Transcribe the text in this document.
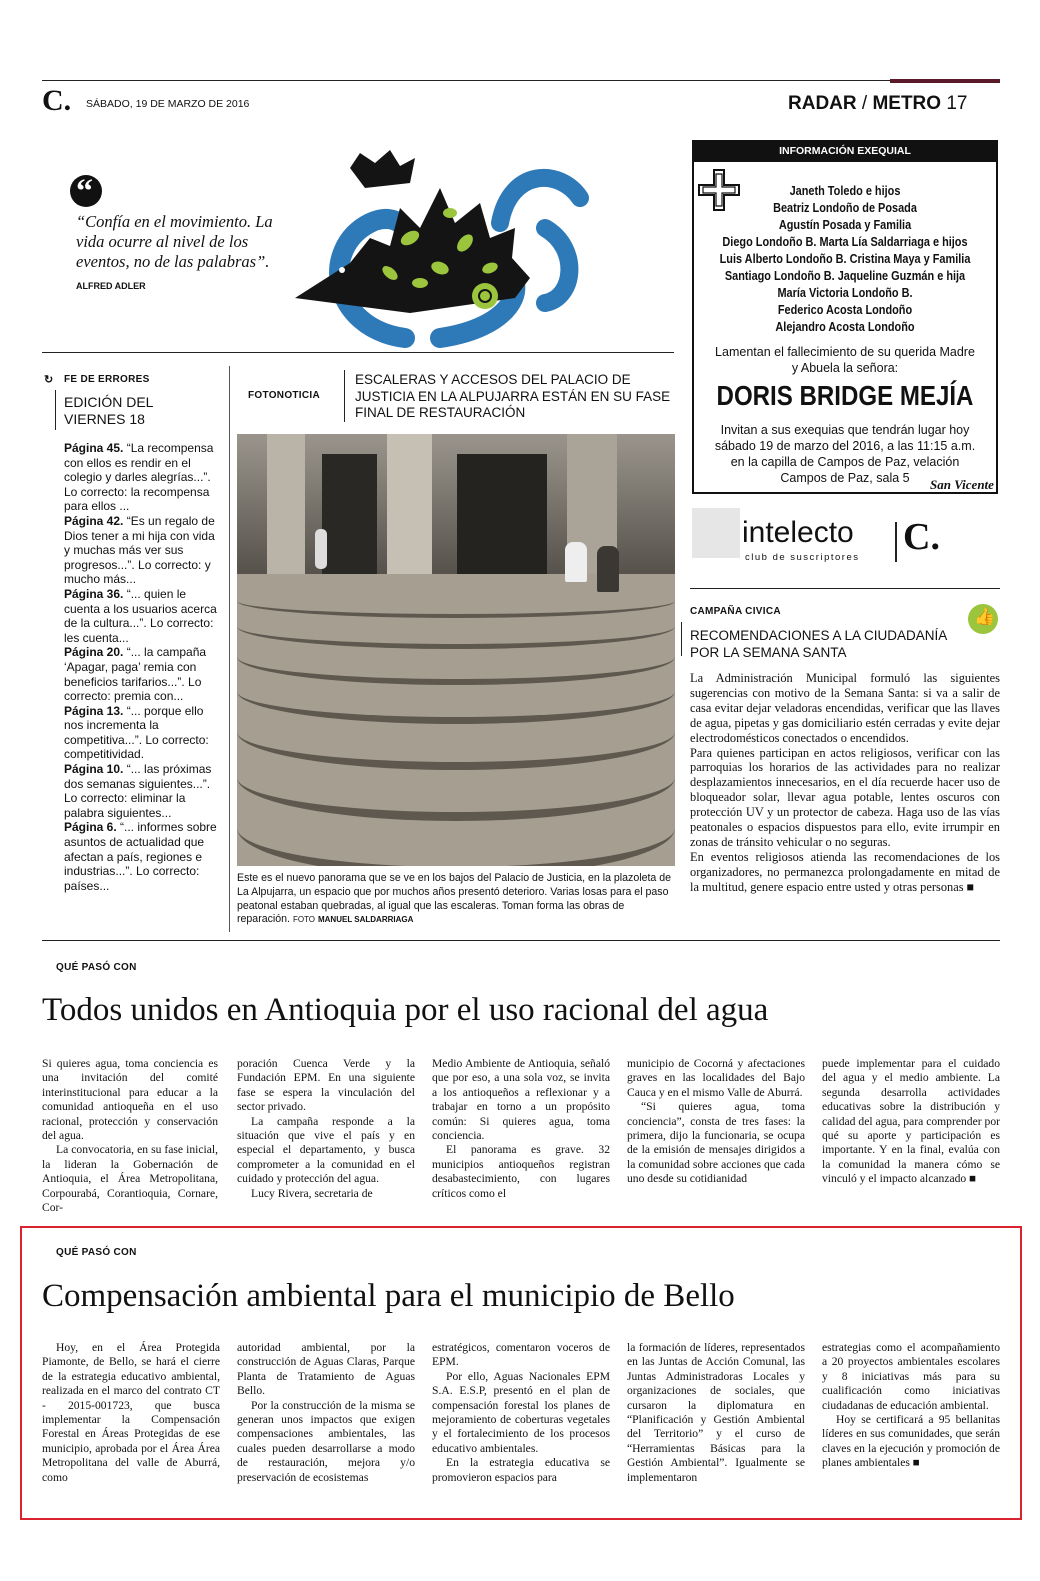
C. SÁBADO, 19 DE MARZO DE 2016	RADAR / METRO 17
“
“Confía en el movimiento. La vida ocurre al nivel de los eventos, no de las palabras”.
ALFRED ADLER
INFORMACIÓN EXEQUIAL
Janeth Toledo e hijos
Beatriz Londoño de Posada
Agustín Posada y Familia
Diego Londoño B. Marta Lía Saldarriaga e hijos
Luis Alberto Londoño B. Cristina Maya y Familia
Santiago Londoño B. Jaqueline Guzmán e hija
María Victoria Londoño B.
Federico Acosta Londoño
Alejandro Acosta Londoño
Lamentan el fallecimiento de su querida Madre y Abuela la señora:
DORIS BRIDGE MEJÍA
Invitan a sus exequias que tendrán lugar hoy sábado 19 de marzo del 2016, a las 11:15 a.m. en la capilla de Campos de Paz, velación Campos de Paz, sala 5	San Vicente
intelecto
club de suscriptores C.
CAMPAÑA CIVICA	👍
RECOMENDACIONES A LA CIUDADANÍA POR LA SEMANA SANTA

La Administración Municipal formuló las siguientes sugerencias con motivo de la Semana Santa: si va a salir de casa evitar dejar veladoras encendidas, verificar que las llaves de agua, pipetas y gas domiciliario estén cerradas y evite dejar electrodomésticos conectados o encendidos.

Para quienes participan en actos religiosos, verificar con las parroquias los horarios de las actividades para no realizar desplazamientos innecesarios, en el día recuerde hacer uso de bloqueador solar, llevar agua potable, lentes oscuros con protección UV y un protector de cabeza. Haga uso de las vías peatonales o espacios dispuestos para ello, evite irrumpir en zonas de tránsito vehicular o no seguras.

En eventos religiosos atienda las recomendaciones de los organizadores, no permanezca prolongadamente en mitad de la multitud, genere espacio entre usted y otras personas ■

↻ FE DE ERRORES
EDICIÓN DEL VIERNES 18

Página 45. “La recompensa con ellos es rendir en el colegio y darles alegrías...”. Lo correcto: la recompensa para ellos ...

Página 42. “Es un regalo de Dios tener a mi hija con vida y muchas más ver sus progresos...”. Lo correcto: y mucho más...

Página 36. “... quien le cuenta a los usuarios acerca de la cultura...”. Lo correcto: les cuenta...

Página 20. “... la campaña ‘Apagar, paga’ remia con beneficios tarifarios...”. Lo correcto: premia con...

Página 13. “... porque ello nos incrementa la competitiva...”. Lo correcto: competitividad.

Página 10. “... las próximas dos semanas siguientes...”. Lo correcto: eliminar la palabra siguientes...

Página 6. “... informes sobre asuntos de actualidad que afectan a país, regiones e industrias...”. Lo correcto: países...

FOTONOTICIA
ESCALERAS Y ACCESOS DEL PALACIO DE JUSTICIA EN LA ALPUJARRA ESTÁN EN SU FASE FINAL DE RESTAURACIÓN
Este es el nuevo panorama que se ve en los bajos del Palacio de Justicia, en la plazoleta de La Alpujarra, un espacio que por muchos años presentó deterioro. Varias losas para el paso peatonal estaban quebradas, al igual que las escaleras. Toman forma las obras de reparación. FOTO MANUEL SALDARRIAGA
QUÉ PASÓ CON
Todos unidos en Antioquia por el uso racional del agua

Si quieres agua, toma conciencia es una invitación del comité interinstitucional para educar a la comunidad antioqueña en el uso racional, protección y conservación del agua.

La convocatoria, en su fase inicial, la lideran la Gobernación de Antioquia, el Área Metropolitana, Corpourabá, Corantioquia, Cornare, Cor-

poración Cuenca Verde y la Fundación EPM. En una siguiente fase se espera la vinculación del sector privado.

La campaña responde a la situación que vive el país y en especial el departamento, y busca comprometer a la comunidad en el cuidado y protección del agua.

Lucy Rivera, secretaria de

Medio Ambiente de Antioquia, señaló que por eso, a una sola voz, se invita a los antioqueños a reflexionar y a trabajar en torno a un propósito común: Si quieres agua, toma conciencia.

El panorama es grave. 32 municipios antioqueños registran desabastecimiento, con lugares críticos como el

municipio de Cocorná y afectaciones graves en las localidades del Bajo Cauca y en el mismo Valle de Aburrá.

“Si quieres agua, toma conciencia”, consta de tres fases: la primera, dijo la funcionaria, se ocupa de la emisión de mensajes dirigidos a la comunidad sobre acciones que cada uno desde su cotidianidad

puede implementar para el cuidado del agua y el medio ambiente. La segunda desarrolla actividades educativas sobre la distribución y calidad del agua, para comprender por qué su aporte y participación es importante. Y en la final, evalúa con la comunidad la manera cómo se vinculó y el impacto alcanzado ■

QUÉ PASÓ CON
Compensación ambiental para el municipio de Bello

Hoy, en el Área Protegida Piamonte, de Bello, se hará el cierre de la estrategia educativo ambiental, realizada en el marco del contrato CT - 2015-001723, que busca implementar la Compensación Forestal en Áreas Protegidas de ese municipio, aprobada por el Área Área Metropolitana del valle de Aburrá, como

autoridad ambiental, por la construcción de Aguas Claras, Parque Planta de Tratamiento de Aguas Bello.

Por la construcción de la misma se generan unos impactos que exigen compensaciones ambientales, las cuales pueden desarrollarse a modo de restauración, mejora y/o preservación de ecosistemas

estratégicos, comentaron voceros de EPM.

Por ello, Aguas Nacionales EPM S.A. E.S.P, presentó en el plan de compensación forestal los planes de mejoramiento de coberturas vegetales y el fortalecimiento de los procesos educativo ambientales.

En la estrategia educativa se promovieron espacios para

la formación de líderes, representados en las Juntas de Acción Comunal, las Juntas Administradoras Locales y organizaciones de sociales, que cursaron la diplomatura en “Planificación y Gestión Ambiental del Territorio” y el curso de “Herramientas Básicas para la Gestión Ambiental”. Igualmente se implementaron

estrategias como el acompañamiento a 20 proyectos ambientales escolares y 8 iniciativas más para su cualificación como iniciativas ciudadanas de educación ambiental.

Hoy se certificará a 95 bellanitas líderes en sus comunidades, que serán claves en la ejecución y promoción de planes ambientales ■
